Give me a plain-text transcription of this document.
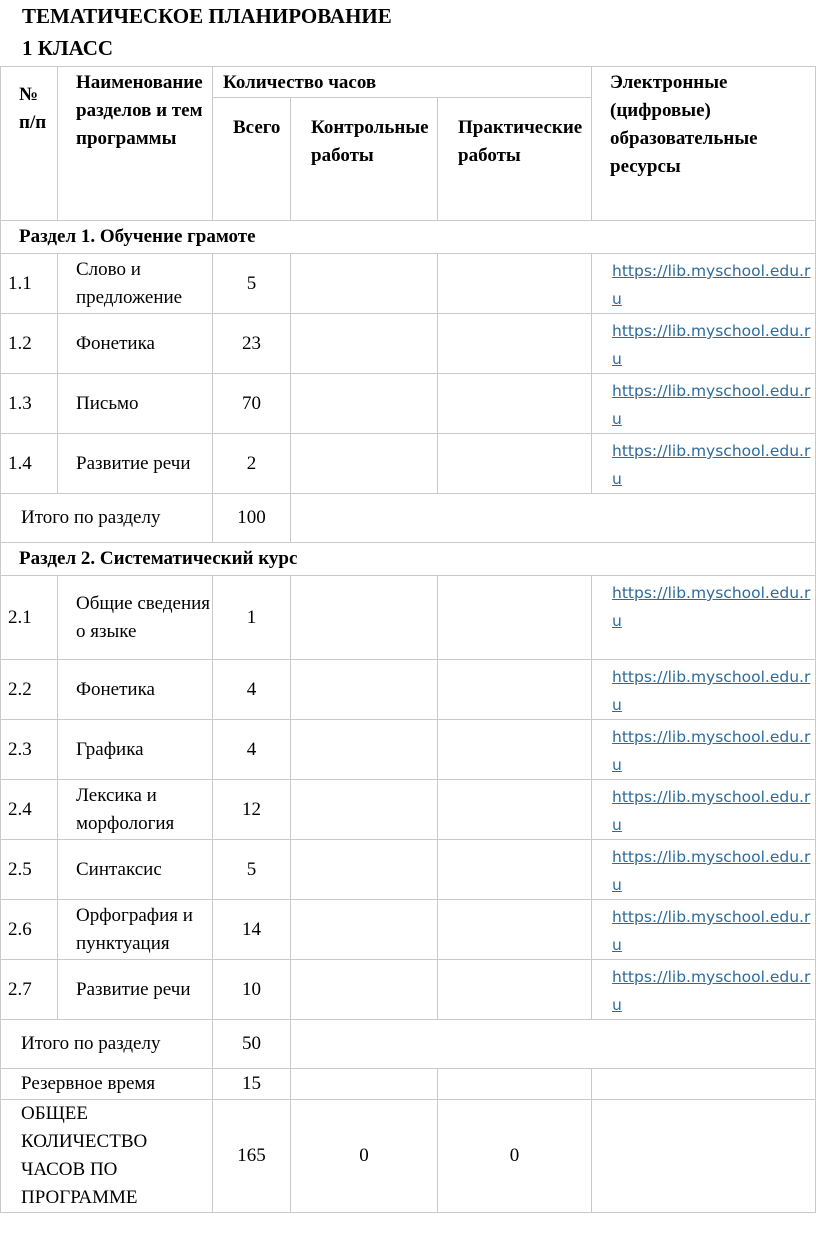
ТЕМАТИЧЕСКОЕ ПЛАНИРОВАНИЕ
1 КЛАСС
№ п/п	Наименование разделов и тем программы	Количество часов			Электронные (цифровые) образовательные ресурсы
		Всего	Контрольные работы	Практические работы	
Раздел 1. Обучение грамоте					
1.1	Слово и предложение	5			https://lib.myschool.edu.ru

1.2	Фонетика	23			https://lib.myschool.edu.ru

1.3	Письмо	70			https://lib.myschool.edu.ru

1.4	Развитие речи	2			https://lib.myschool.edu.ru

Итого по разделу		100			
Раздел 2. Систематический курс					
2.1	Общие сведения о языке	1			https://lib.myschool.edu.ru

2.2	Фонетика	4			https://lib.myschool.edu.ru

2.3	Графика	4			https://lib.myschool.edu.ru

2.4	Лексика и морфология	12			https://lib.myschool.edu.ru

2.5	Синтаксис	5			https://lib.myschool.edu.ru

2.6	Орфография и пунктуация	14			https://lib.myschool.edu.ru

2.7	Развитие речи	10			https://lib.myschool.edu.ru

Итого по разделу		50			
Резервное время		15			
ОБЩЕЕ КОЛИЧЕСТВО ЧАСОВ ПО ПРОГРАММЕ		165	0	0	
